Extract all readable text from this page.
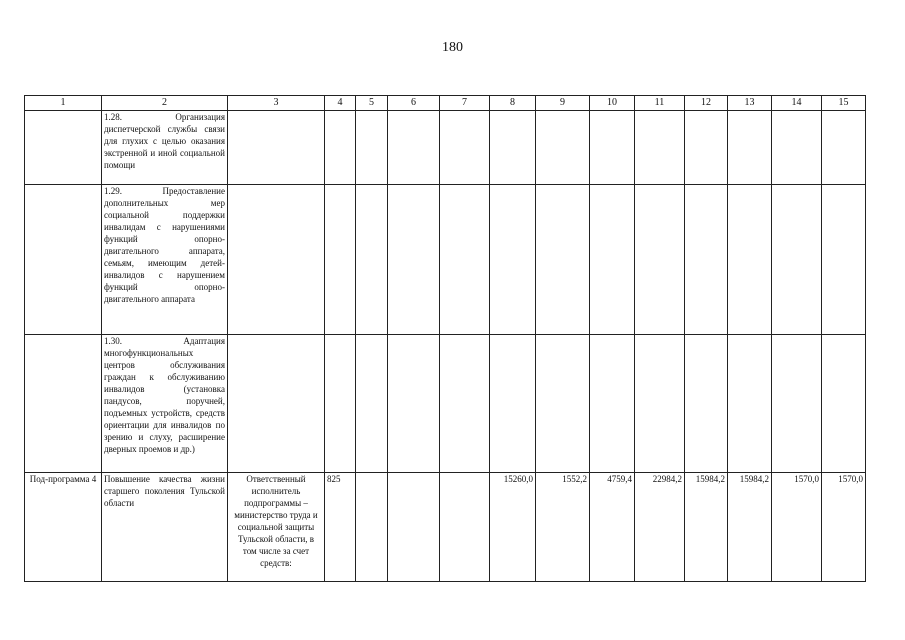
180
1	2	3	4	5	6	7	8	9	10	11	12	13	14	15
	1.28. Организация диспетчерской службы связи для глухих с целью оказания экстренной и иной социальной помощи													
	1.29. Предоставление дополнительных мер социальной поддержки инвалидам с нарушениями функций опорно-двигательного аппарата, семьям, имеющим детей-инвалидов с нарушением функций опорно-двигательного аппарата													
	1.30. Адаптация многофункциональных центров обслуживания граждан к обслуживанию инвалидов (установка пандусов, поручней, подъемных устройств, средств ориентации для инвалидов по зрению и слуху, расширение дверных проемов и др.)													
Под-программа 4	Повышение качества жизни старшего поколения Тульской области	Ответственный исполнитель подпрограммы – министерство труда и социальной защиты Тульской области, в том числе за счет средств:	825				15260,0	1552,2	4759,4	22984,2	15984,2	15984,2	1570,0	1570,0
